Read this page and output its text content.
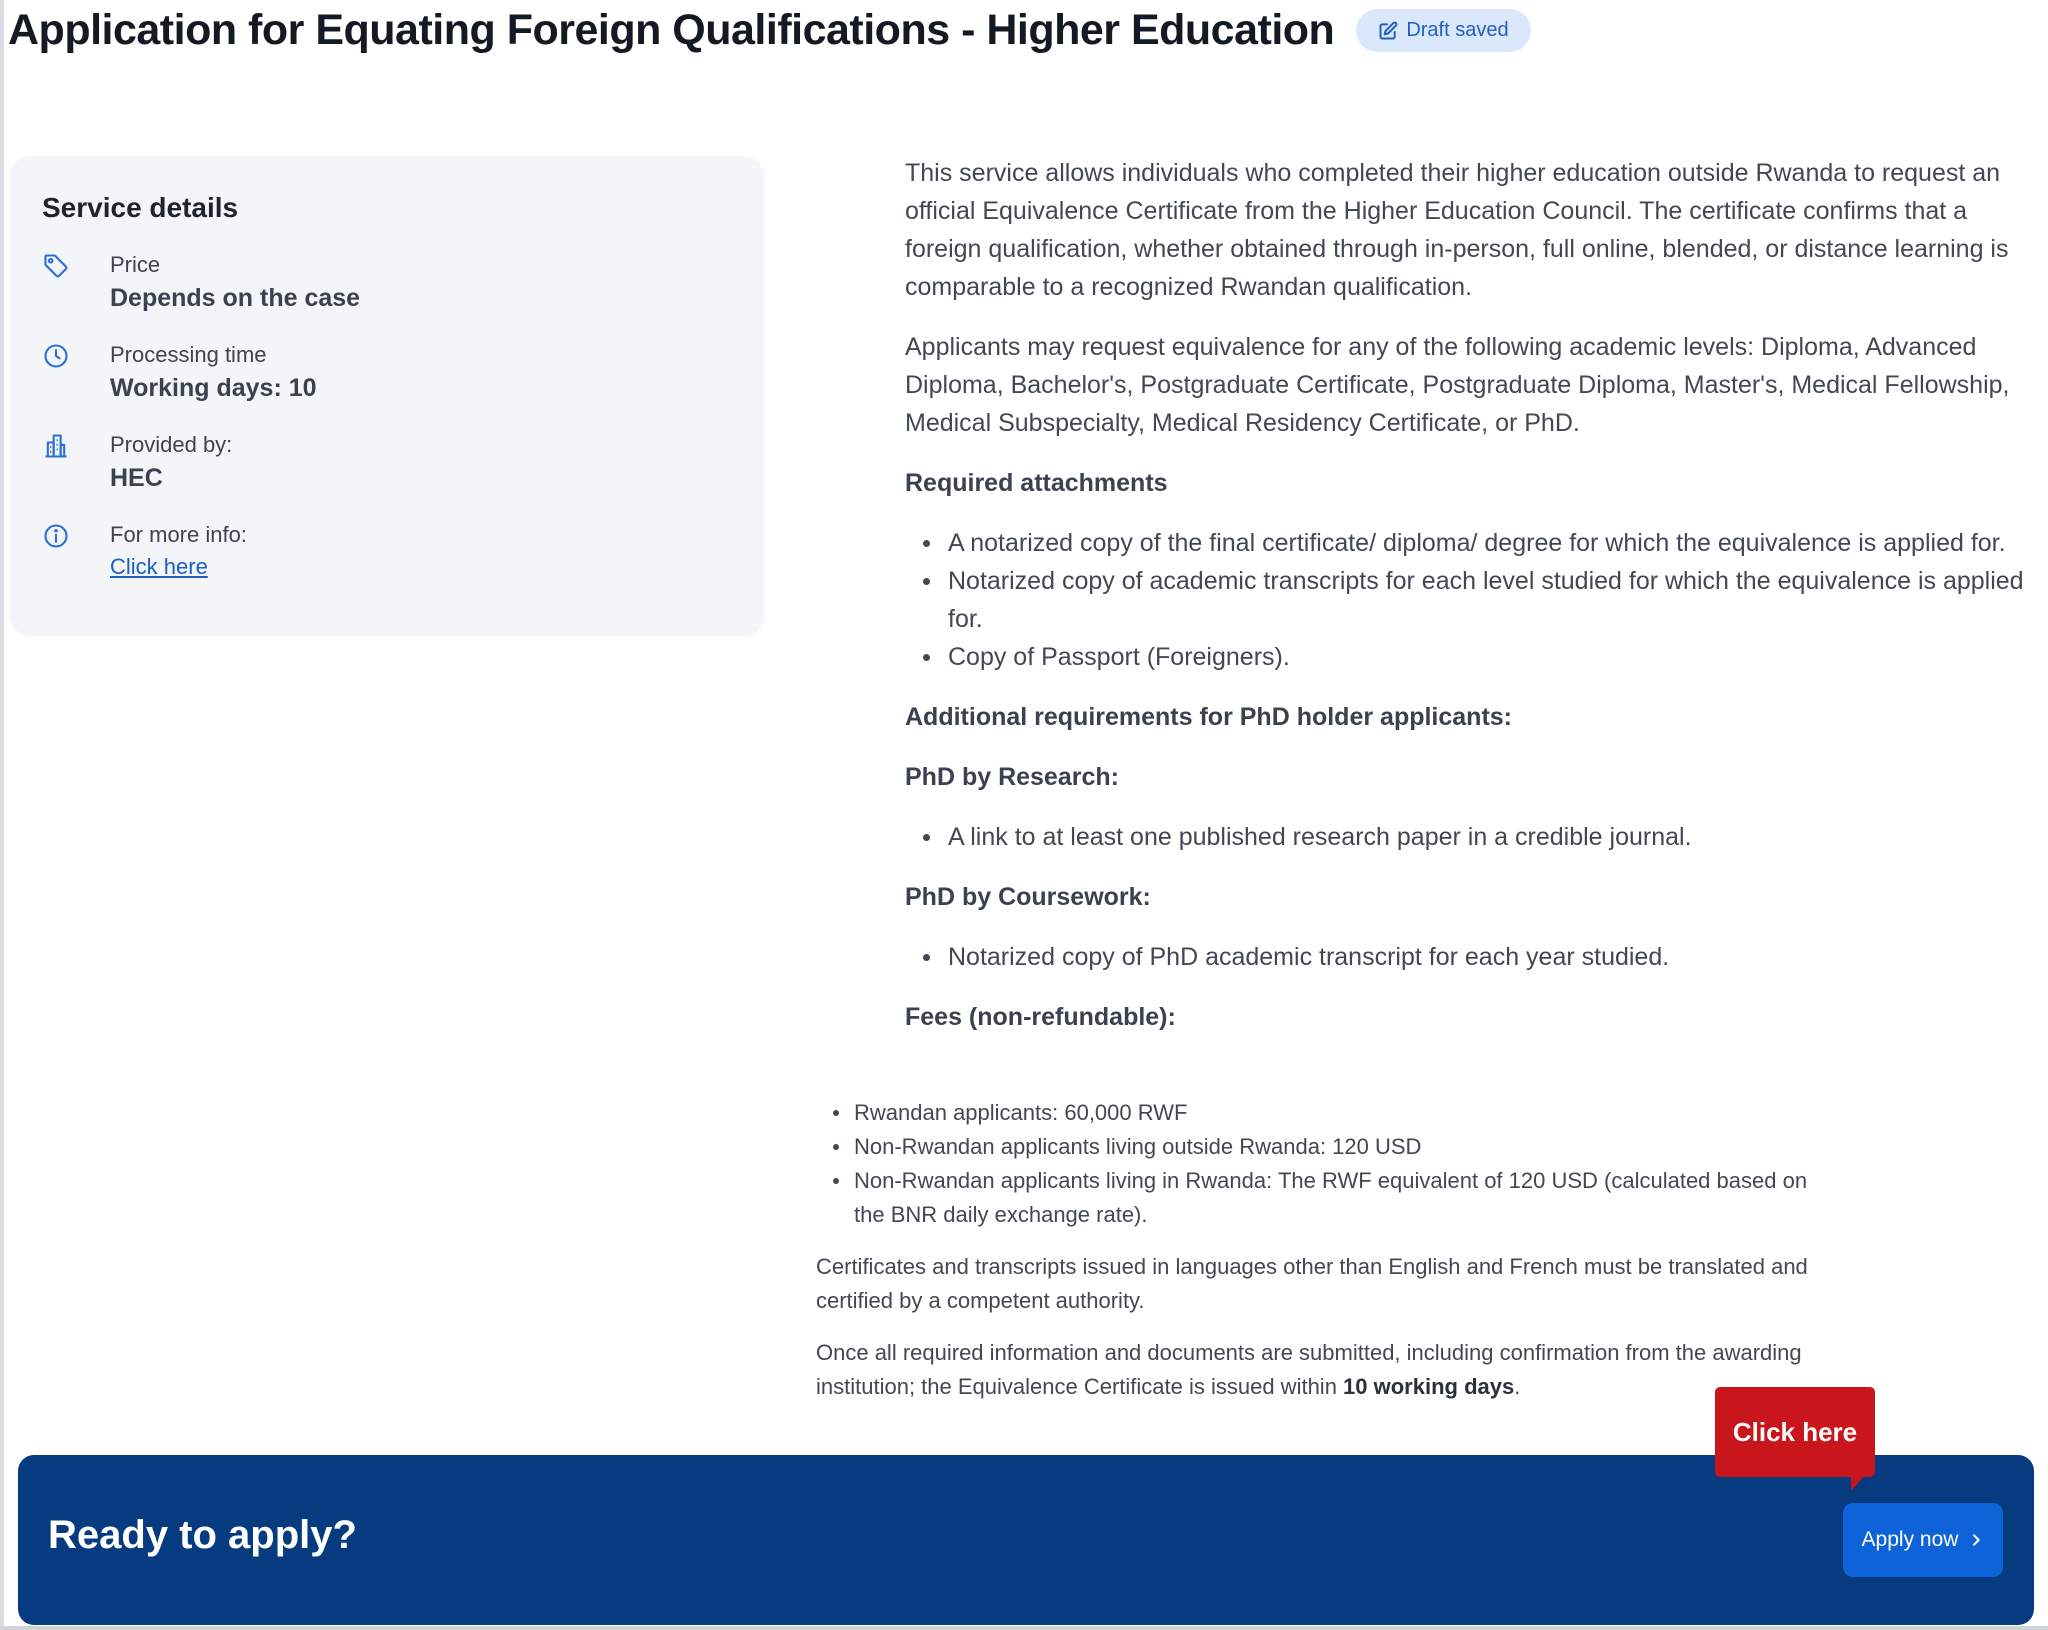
Application for Equating Foreign Qualifications - Higher Education	Draft saved
Service details
Price
Depends on the case
Processing time
Working days: 10
Provided by:
HEC
For more info:
Click here

This service allows individuals who completed their higher education outside Rwanda to request an official Equivalence Certificate from the Higher Education Council. The certificate confirms that a foreign qualification, whether obtained through in-person, full online, blended, or distance learning is comparable to a recognized Rwandan qualification.

Applicants may request equivalence for any of the following academic levels: Diploma, Advanced Diploma, Bachelor's, Postgraduate Certificate, Postgraduate Diploma, Master's, Medical Fellowship, Medical Subspecialty, Medical Residency Certificate, or PhD.

Required attachments
A notarized copy of the final certificate/ diploma/ degree for which the equivalence is applied for.
Notarized copy of academic transcripts for each level studied for which the equivalence is applied for.
Copy of Passport (Foreigners).
Additional requirements for PhD holder applicants:
PhD by Research:
A link to at least one published research paper in a credible journal.
PhD by Coursework:
Notarized copy of PhD academic transcript for each year studied.
Fees (non-refundable):
Rwandan applicants: 60,000 RWF
Non-Rwandan applicants living outside Rwanda: 120 USD
Non-Rwandan applicants living in Rwanda: The RWF equivalent of 120 USD (calculated based on the BNR daily exchange rate).

Certificates and transcripts issued in languages other than English and French must be translated and certified by a competent authority.

Once all required information and documents are submitted, including confirmation from the awarding institution; the Equivalence Certificate is issued within 10 working days.

Ready to apply?	Apply now
Click here
